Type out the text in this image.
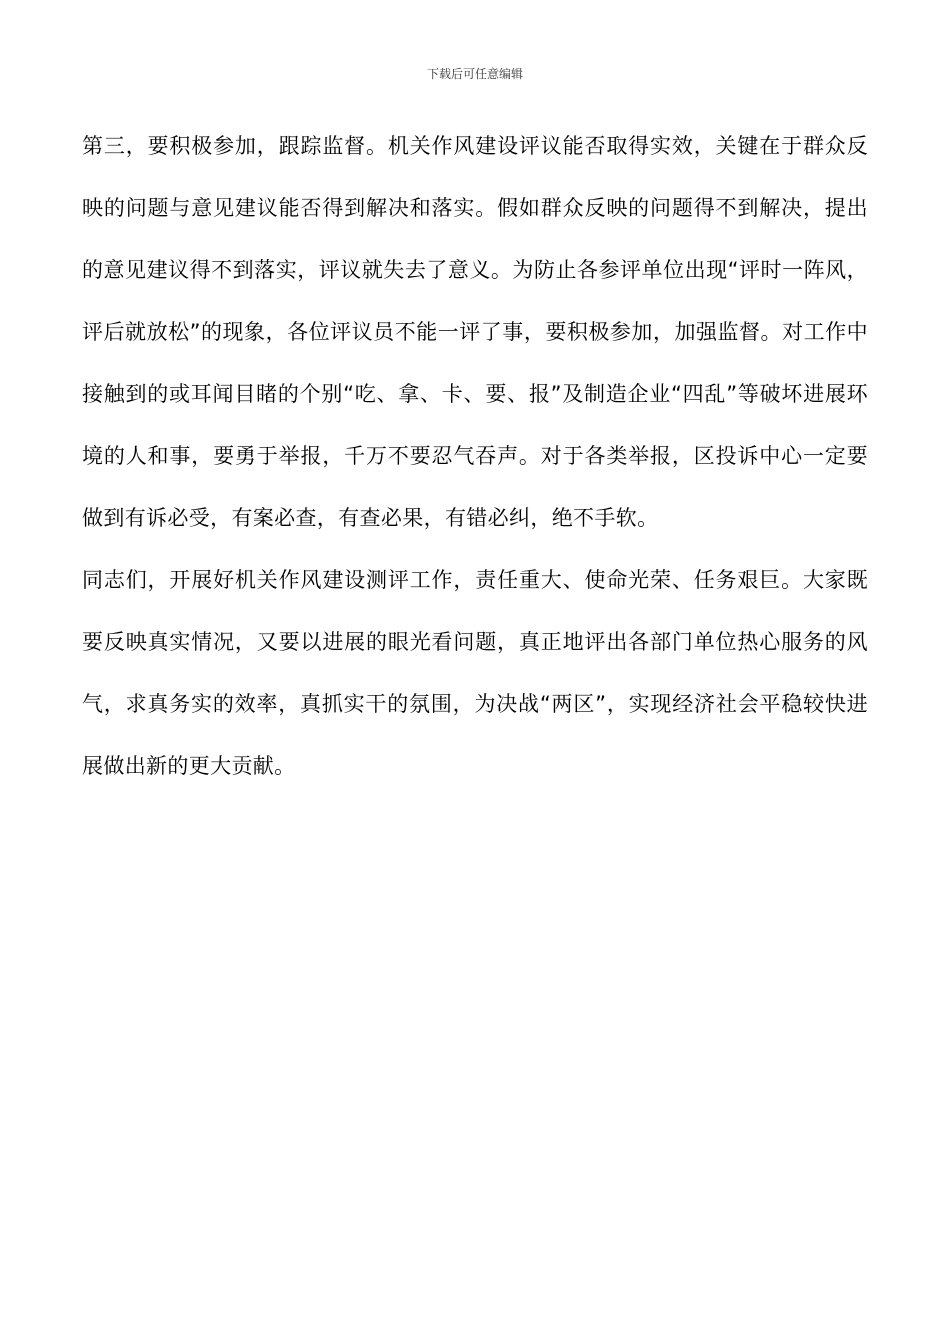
下载后可任意编辑

第三，要积极参加，跟踪监督。机关作风建设评议能否取得实效，关键在于群众反映的问题与意见建议能否得到解决和落实。假如群众反映的问题得不到解决，提出的意见建议得不到落实，评议就失去了意义。为防止各参评单位出现“评时一阵风，评后就放松”的现象，各位评议员不能一评了事，要积极参加，加强监督。对工作中接触到的或耳闻目睹的个别“吃、拿、卡、要、报”及制造企业“四乱”等破坏进展环境的人和事，要勇于举报，千万不要忍气吞声。对于各类举报，区投诉中心一定要做到有诉必受，有案必查，有查必果，有错必纠，绝不手软。

同志们，开展好机关作风建设测评工作，责任重大、使命光荣、任务艰巨。大家既要反映真实情况，又要以进展的眼光看问题，真正地评出各部门单位热心服务的风气，求真务实的效率，真抓实干的氛围，为决战“两区”，实现经济社会平稳较快进展做出新的更大贡献。
